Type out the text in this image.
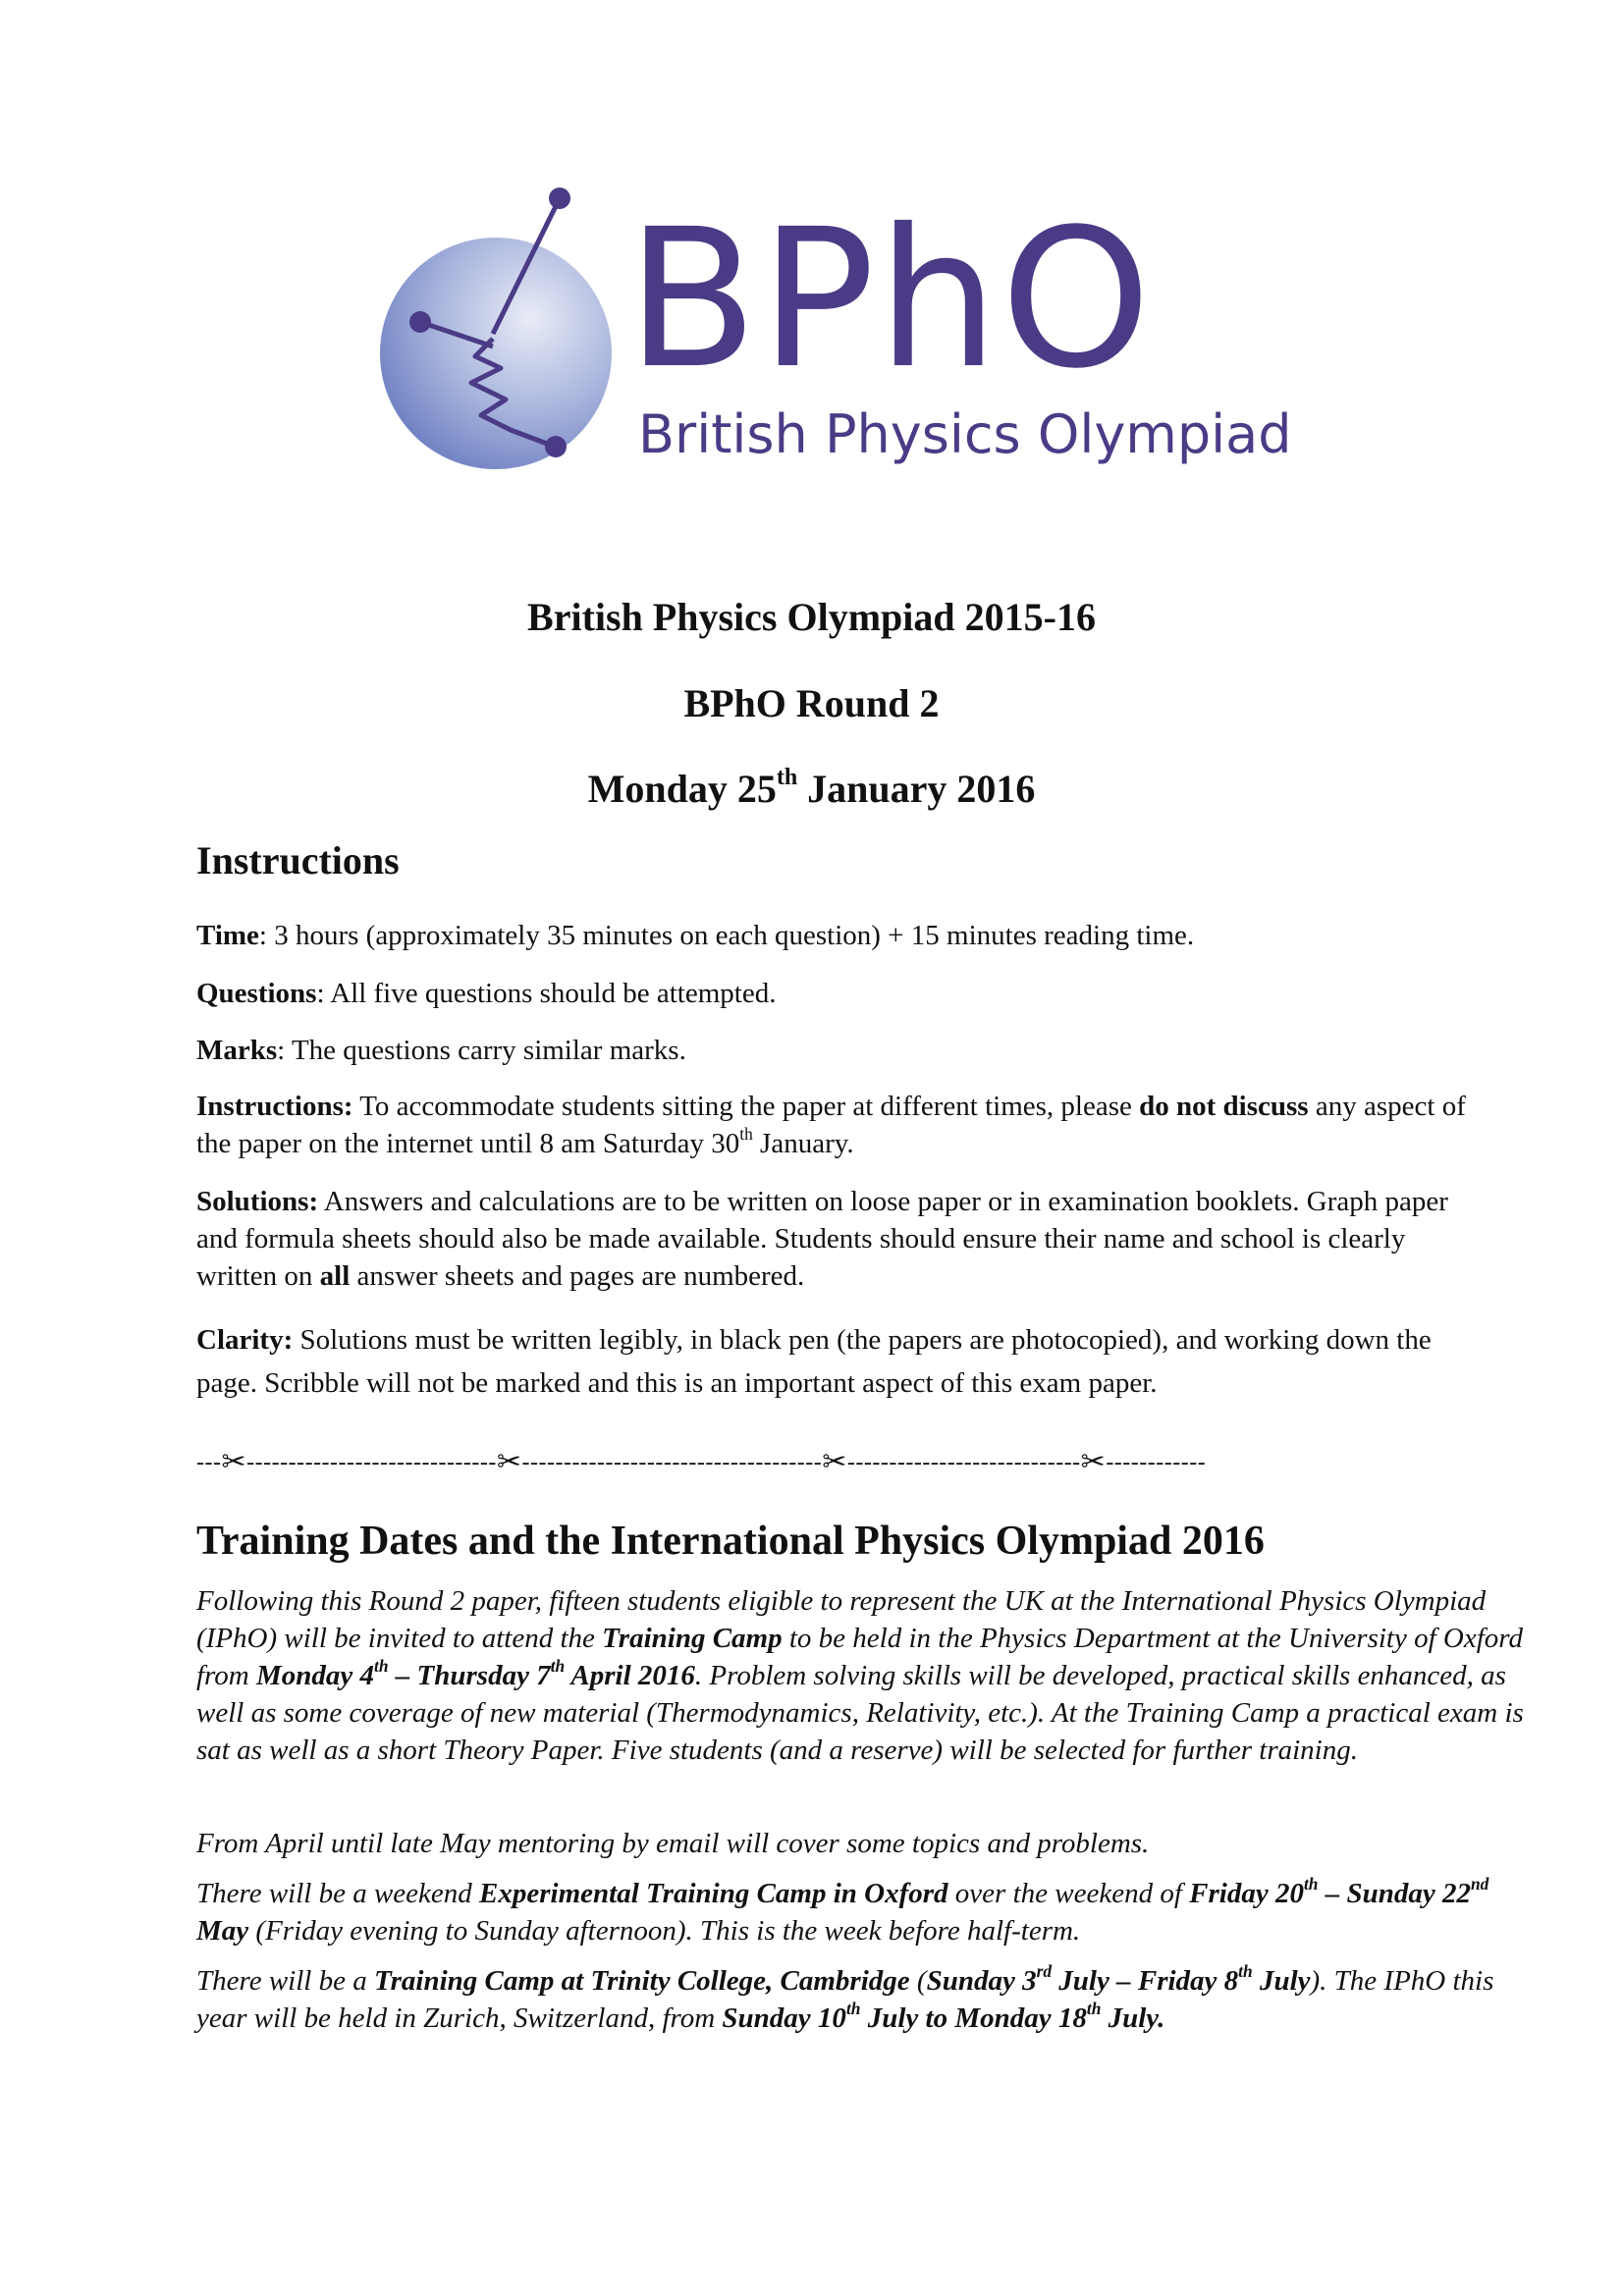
BPhO
British Physics Olympiad
British Physics Olympiad 2015-16
BPhO Round 2
Monday 25th January 2016
Instructions
Time: 3 hours (approximately 35 minutes on each question) + 15 minutes reading time.
Questions: All five questions should be attempted.
Marks: The questions carry similar marks.
Instructions: To accommodate students sitting the paper at different times, please do not discuss any aspect of the paper on the internet until 8 am Saturday 30th January.
Solutions: Answers and calculations are to be written on loose paper or in examination booklets. Graph paper and formula sheets should also be made available. Students should ensure their name and school is clearly written on all answer sheets and pages are numbered.
Clarity: Solutions must be written legibly, in black pen (the papers are photocopied), and working down the page. Scribble will not be marked and this is an important aspect of this exam paper.
---✂------------------------------✂------------------------------------✂----------------------------✂------------
Training Dates and the International Physics Olympiad 2016
Following this Round 2 paper, fifteen students eligible to represent the UK at the International Physics Olympiad (IPhO) will be invited to attend the Training Camp to be held in the Physics Department at the University of Oxford from Monday 4th – Thursday 7th April 2016. Problem solving skills will be developed, practical skills enhanced, as well as some coverage of new material (Thermodynamics, Relativity, etc.). At the Training Camp a practical exam is sat as well as a short Theory Paper. Five students (and a reserve) will be selected for further training.
From April until late May mentoring by email will cover some topics and problems.
There will be a weekend Experimental Training Camp in Oxford over the weekend of Friday 20th – Sunday 22nd May (Friday evening to Sunday afternoon). This is the week before half-term.
There will be a Training Camp at Trinity College, Cambridge (Sunday 3rd July – Friday 8th July). The IPhO this year will be held in Zurich, Switzerland, from Sunday 10th July to Monday 18th July.
